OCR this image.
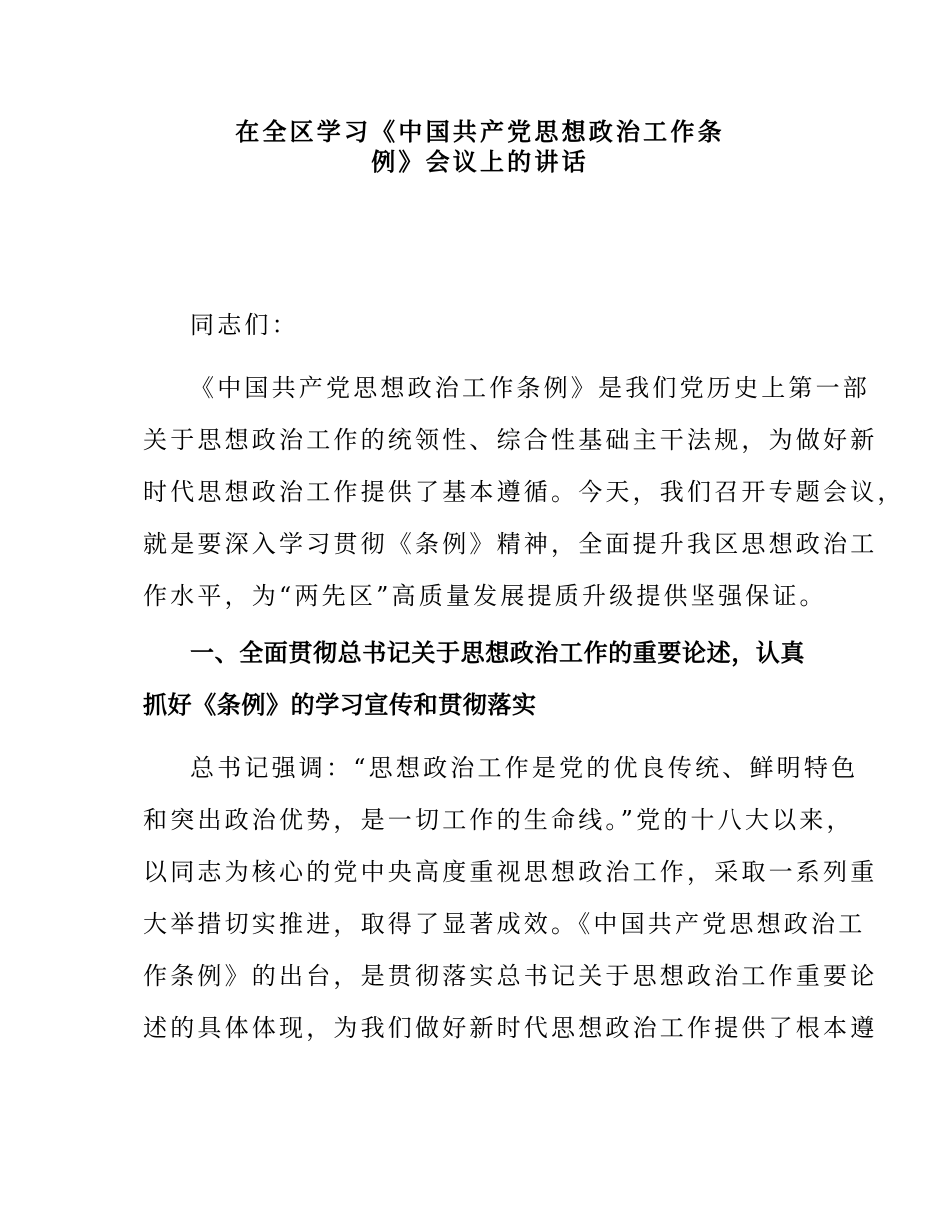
在全区学习《中国共产党思想政治工作条
例》会议上的讲话
同志们：
《中国共产党思想政治工作条例》是我们党历史上第一部
关于思想政治工作的统领性、综合性基础主干法规，为做好新
时代思想政治工作提供了基本遵循。今天，我们召开专题会议，
就是要深入学习贯彻《条例》精神，全面提升我区思想政治工
作水平，为“两先区”高质量发展提质升级提供坚强保证。
一、全面贯彻总书记关于思想政治工作的重要论述，认真
抓好《条例》的学习宣传和贯彻落实
总书记强调：“思想政治工作是党的优良传统、鲜明特色
和突出政治优势，是一切工作的生命线。”党的十八大以来，
以同志为核心的党中央高度重视思想政治工作，采取一系列重
大举措切实推进，取得了显著成效。《中国共产党思想政治工
作条例》的出台，是贯彻落实总书记关于思想政治工作重要论
述的具体体现，为我们做好新时代思想政治工作提供了根本遵
